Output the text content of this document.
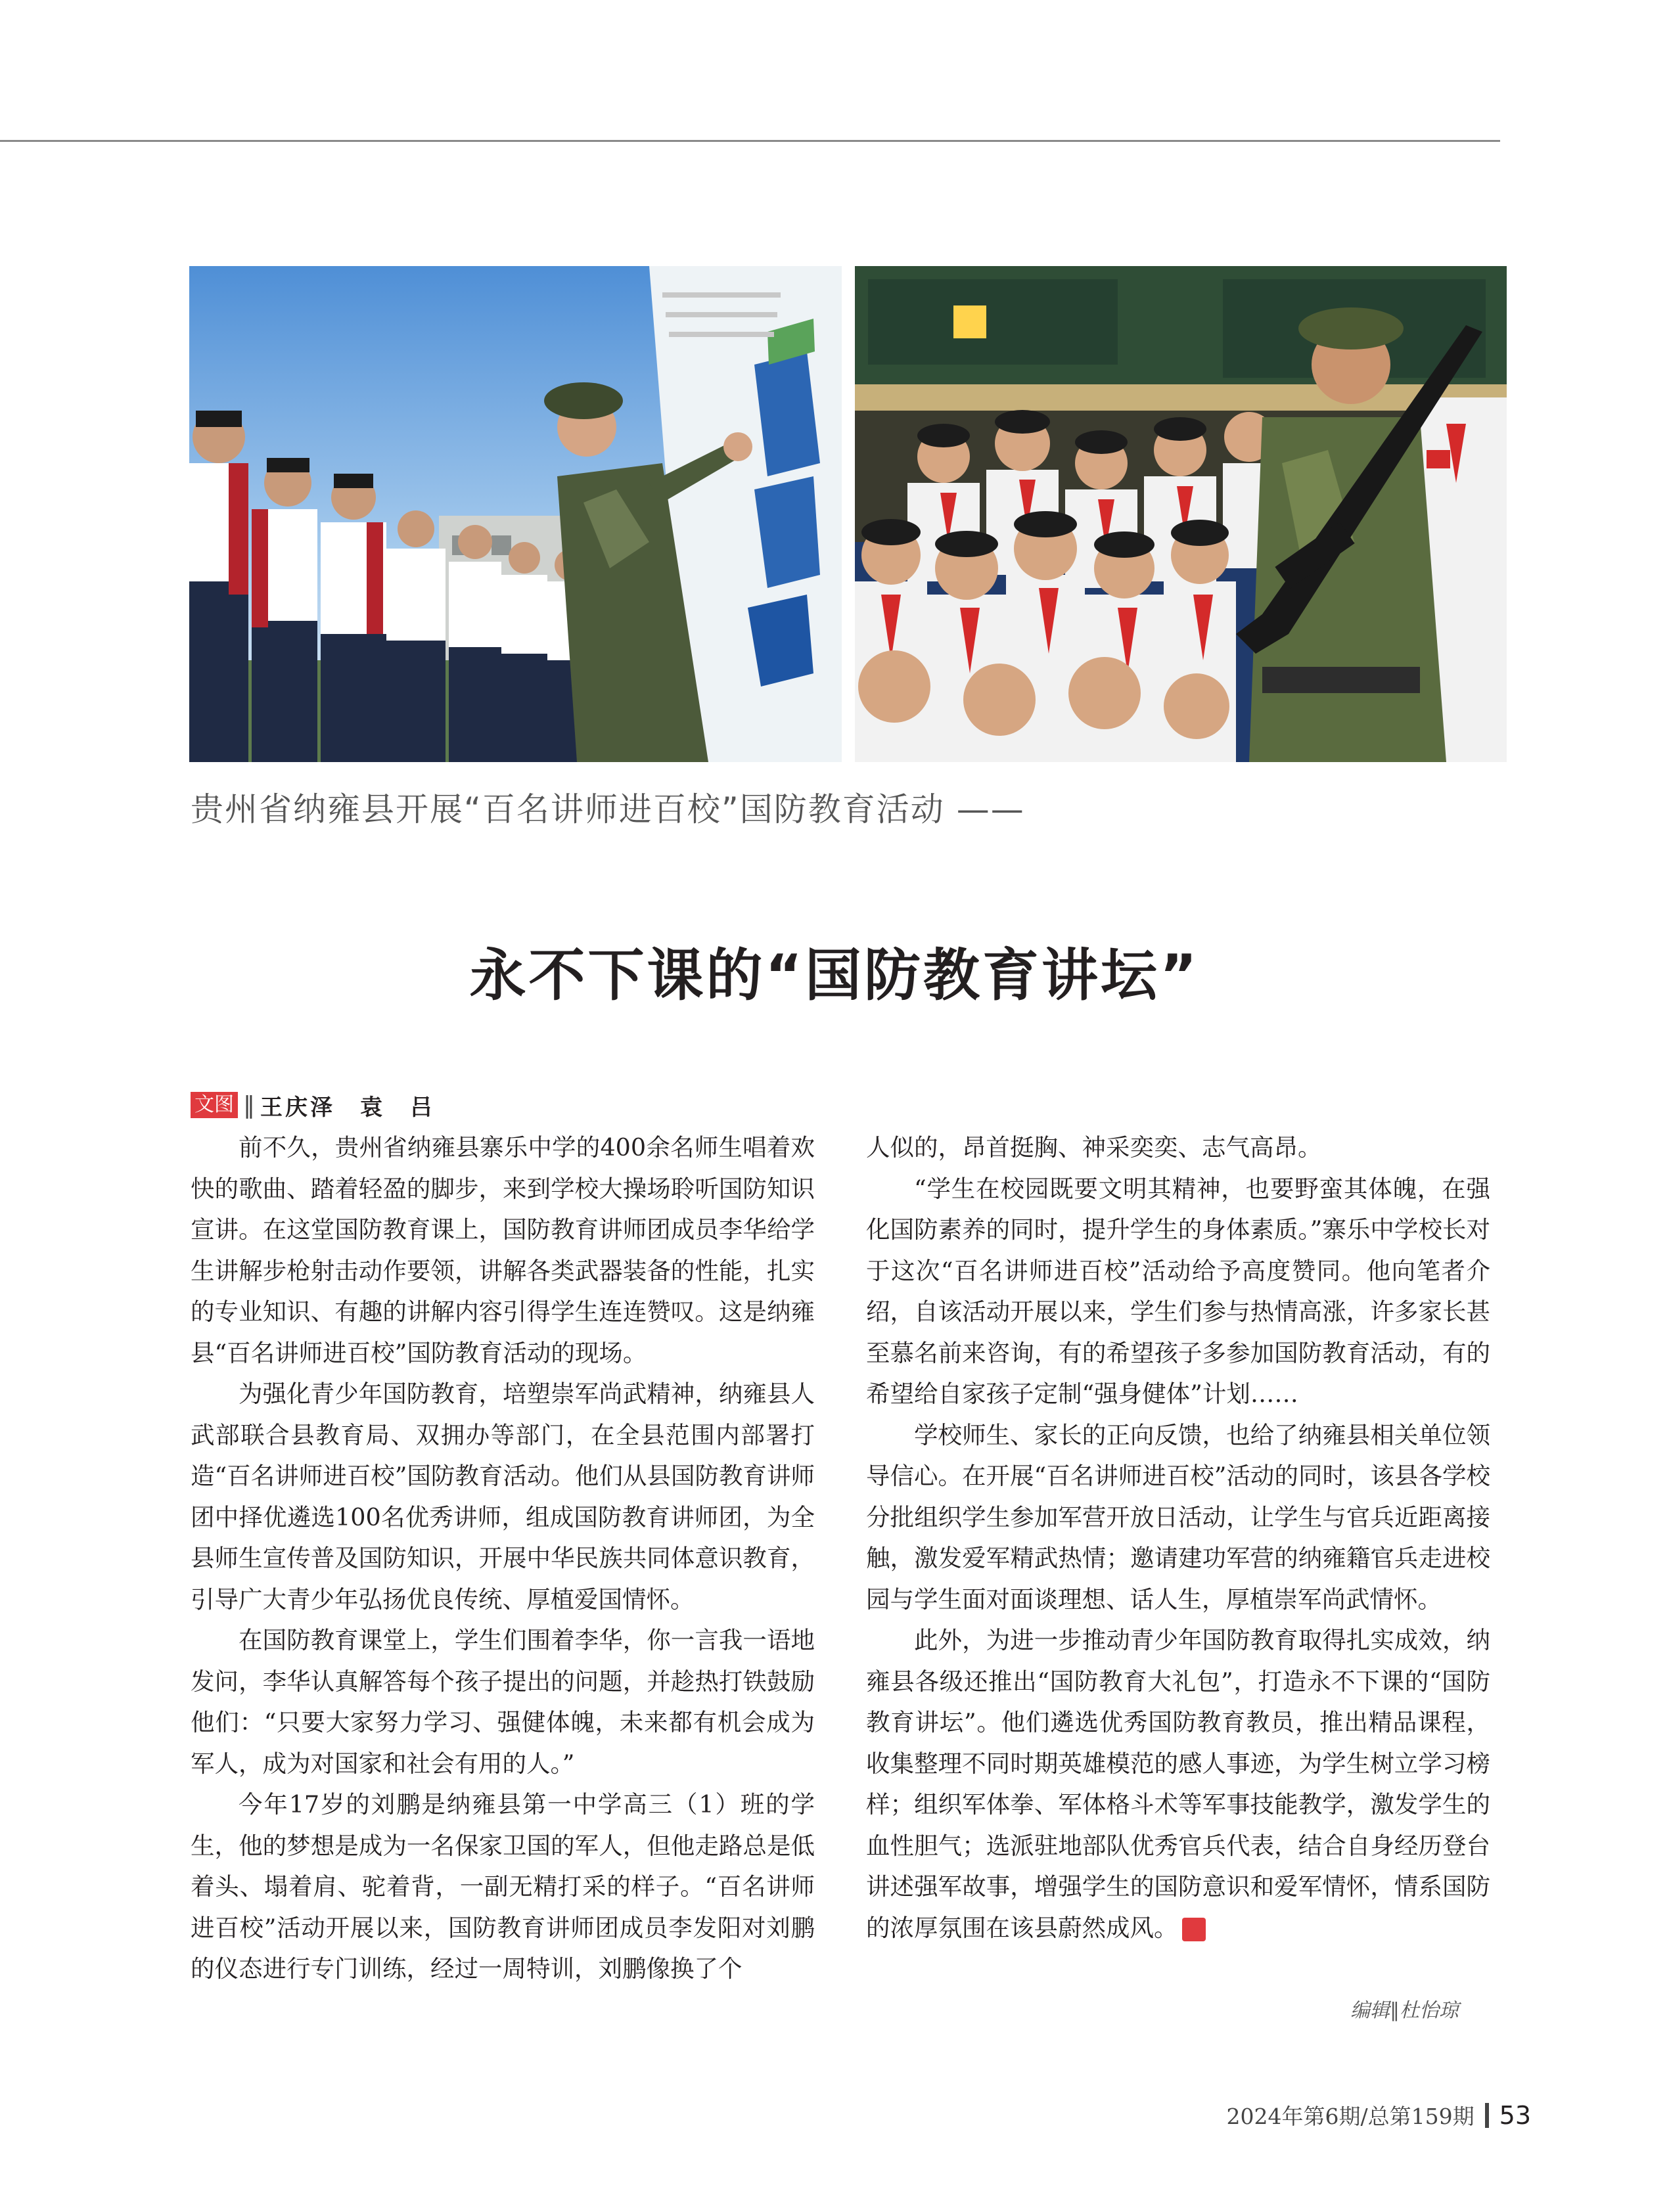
贵州省纳雍县开展“百名讲师进百校”国防教育活动 ——
永不下课的“国防教育讲坛”
文图 ‖ 王庆泽　袁　吕

前不久，贵州省纳雍县寨乐中学的400余名师生唱着欢快的歌曲、踏着轻盈的脚步，来到学校大操场聆听国防知识宣讲。在这堂国防教育课上，国防教育讲师团成员李华给学生讲解步枪射击动作要领，讲解各类武器装备的性能，扎实的专业知识、有趣的讲解内容引得学生连连赞叹。这是纳雍县“百名讲师进百校”国防教育活动的现场。

为强化青少年国防教育，培塑崇军尚武精神，纳雍县人武部联合县教育局、双拥办等部门，在全县范围内部署打造“百名讲师进百校”国防教育活动。他们从县国防教育讲师团中择优遴选100名优秀讲师，组成国防教育讲师团，为全县师生宣传普及国防知识，开展中华民族共同体意识教育，引导广大青少年弘扬优良传统、厚植爱国情怀。

在国防教育课堂上，学生们围着李华，你一言我一语地发问，李华认真解答每个孩子提出的问题，并趁热打铁鼓励他们：“只要大家努力学习、强健体魄，未来都有机会成为军人，成为对国家和社会有用的人。”

今年17岁的刘鹏是纳雍县第一中学高三（1）班的学生，他的梦想是成为一名保家卫国的军人，但他走路总是低着头、塌着肩、驼着背，一副无精打采的样子。“百名讲师进百校”活动开展以来，国防教育讲师团成员李发阳对刘鹏的仪态进行专门训练，经过一周特训，刘鹏像换了个

人似的，昂首挺胸、神采奕奕、志气高昂。

“学生在校园既要文明其精神，也要野蛮其体魄，在强化国防素养的同时，提升学生的身体素质。”寨乐中学校长对于这次“百名讲师进百校”活动给予高度赞同。他向笔者介绍，自该活动开展以来，学生们参与热情高涨，许多家长甚至慕名前来咨询，有的希望孩子多参加国防教育活动，有的希望给自家孩子定制“强身健体”计划……

学校师生、家长的正向反馈，也给了纳雍县相关单位领导信心。在开展“百名讲师进百校”活动的同时，该县各学校分批组织学生参加军营开放日活动，让学生与官兵近距离接触，激发爱军精武热情；邀请建功军营的纳雍籍官兵走进校园与学生面对面谈理想、话人生，厚植崇军尚武情怀。

此外，为进一步推动青少年国防教育取得扎实成效，纳雍县各级还推出“国防教育大礼包”，打造永不下课的“国防教育讲坛”。他们遴选优秀国防教育教员，推出精品课程，收集整理不同时期英雄模范的感人事迹，为学生树立学习榜样；组织军体拳、军体格斗术等军事技能教学，激发学生的血性胆气；选派驻地部队优秀官兵代表，结合自身经历登台讲述强军故事，增强学生的国防意识和爱军情怀，情系国防的浓厚氛围在该县蔚然成风。	G

编辑∥杜怡琼
2024年第6期/总第159期 53
